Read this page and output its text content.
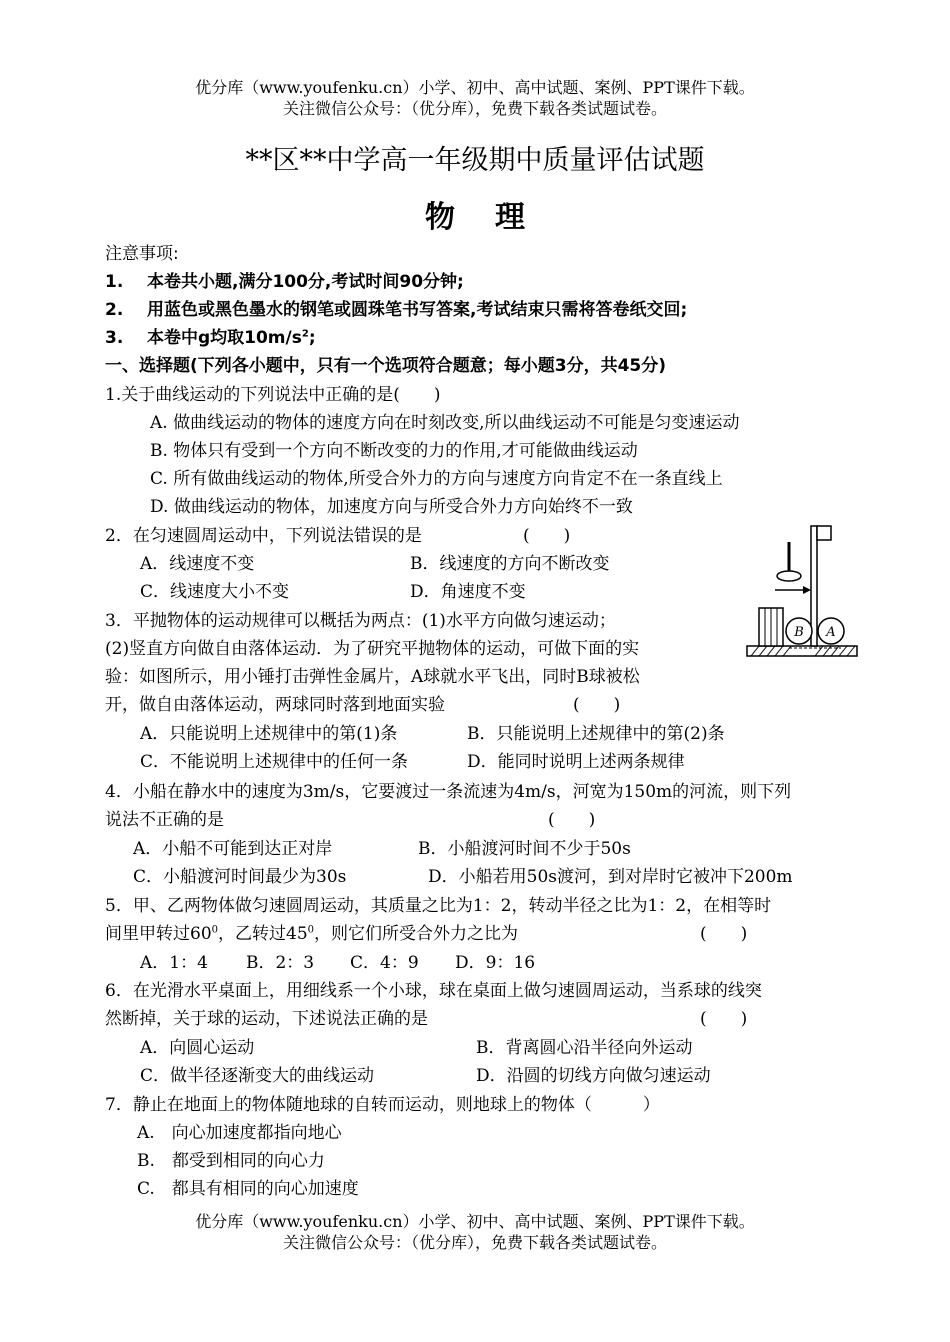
优分库（www.youfenku.cn）小学、初中、高中试题、案例、PPT课件下载。
关注微信公众号：（优分库），免费下载各类试题试卷。
**区**中学高一年级期中质量评估试题
物理
注意事项:
1. 本卷共小题,满分100分,考试时间90分钟;
2. 用蓝色或黑色墨水的钢笔或圆珠笔书写答案,考试结束只需将答卷纸交回;
3. 本卷中g均取$10m/s^2$;
一、选择题(下列各小题中，只有一个选项符合题意；每小题3分，共45分)
1.关于曲线运动的下列说法中正确的是(　　)
A. 做曲线运动的物体的速度方向在时刻改变,所以曲线运动不可能是匀变速运动
B. 物体只有受到一个方向不断改变的力的作用,才可能做曲线运动
C. 所有做曲线运动的物体,所受合外力的方向与速度方向肯定不在一条直线上
D. 做曲线运动的物体，加速度方向与所受合外力方向始终不一致
2．在匀速圆周运动中，下列说法错误的是	(　　)
A．线速度不变	B．线速度的方向不断改变
C．线速度大小不变	D．角速度不变
3．平抛物体的运动规律可以概括为两点：(1)水平方向做匀速运动；
(2)竖直方向做自由落体运动．为了研究平抛物体的运动，可做下面的实
验：如图所示，用小锤打击弹性金属片，A球就水平飞出，同时B球被松
开，做自由落体运动，两球同时落到地面实验	(　　)
A．只能说明上述规律中的第(1)条	B．只能说明上述规律中的第(2)条
C．不能说明上述规律中的任何一条	D．能同时说明上述两条规律
B A
4．小船在静水中的速度为3m/s，它要渡过一条流速为4m/s，河宽为150m的河流，则下列
说法不正确的是	(　　)
A．小船不可能到达正对岸	B．小船渡河时间不少于50s
C．小船渡河时间最少为30s	D．小船若用50s渡河，到对岸时它被冲下200m
5．甲、乙两物体做匀速圆周运动，其质量之比为1：2，转动半径之比为1：2，在相等时
间里甲转过$60^0$，乙转过$45^0$，则它们所受合外力之比为	(　　)
A．1：4 B．2：3 C．4：9 D．9：16
6．在光滑水平桌面上，用细线系一个小球，球在桌面上做匀速圆周运动，当系球的线突
然断掉，关于球的运动，下述说法正确的是	(　　)
A．向圆心运动	B．背离圆心沿半径向外运动
C．做半径逐渐变大的曲线运动	D．沿圆的切线方向做匀速运动
7．静止在地面上的物体随地球的自转而运动，则地球上的物体（　　　）
A.　向心加速度都指向地心
B.　都受到相同的向心力
C.　都具有相同的向心加速度
优分库（www.youfenku.cn）小学、初中、高中试题、案例、PPT课件下载。
关注微信公众号：（优分库），免费下载各类试题试卷。
